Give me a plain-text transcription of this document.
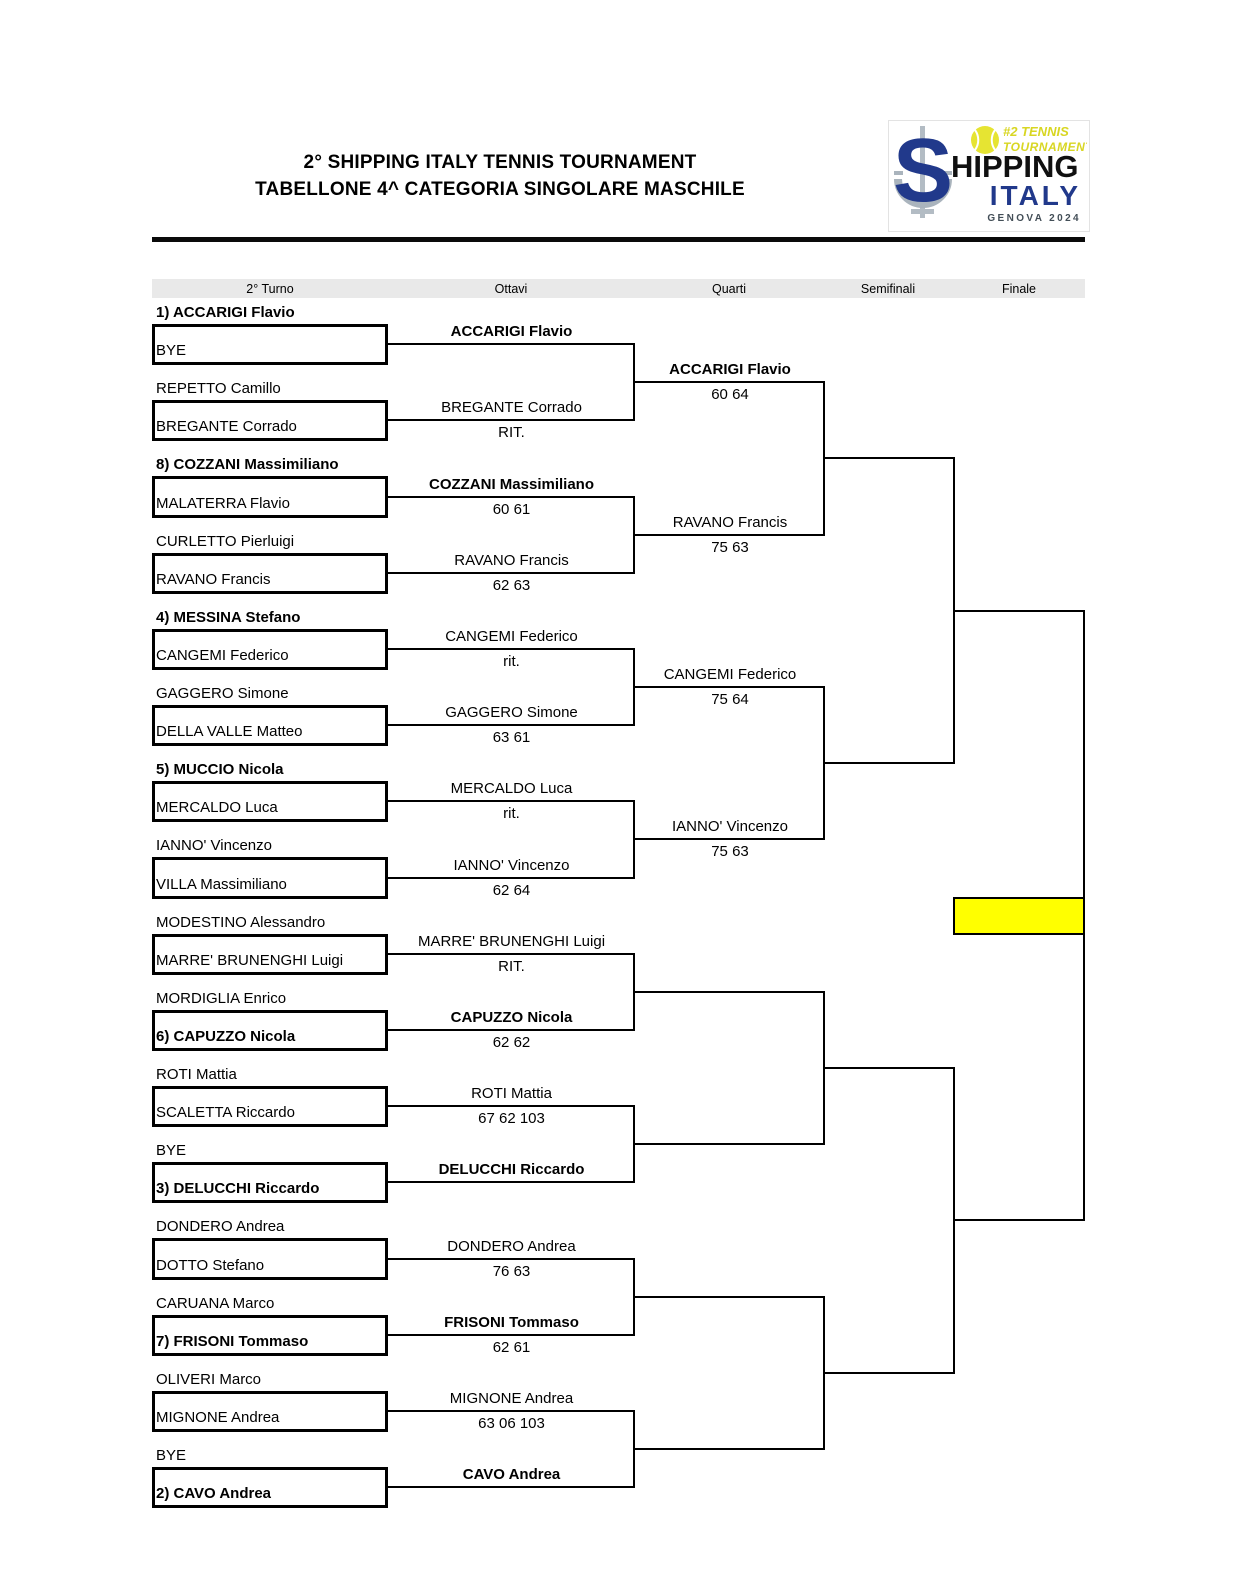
2° SHIPPING ITALY TENNIS TOURNAMENT
TABELLONE 4^ CATEGORIA SINGOLARE MASCHILE	S	#2 TENNIS
TOURNAMENT
HIPPING
ITALY
GENOVA 2024
2° Turno	Ottavi	Quarti	Semifinali	Finale
1) ACCARIGI Flavio
BYE
REPETTO Camillo
BREGANTE Corrado
8) COZZANI Massimiliano
MALATERRA Flavio
CURLETTO Pierluigi
RAVANO Francis
4) MESSINA Stefano
CANGEMI Federico
GAGGERO Simone
DELLA VALLE Matteo
5) MUCCIO Nicola
MERCALDO Luca
IANNO' Vincenzo
VILLA Massimiliano
MODESTINO Alessandro
MARRE' BRUNENGHI Luigi
MORDIGLIA Enrico
6) CAPUZZO Nicola
ROTI Mattia
SCALETTA Riccardo
BYE
3) DELUCCHI Riccardo
DONDERO Andrea
DOTTO Stefano
CARUANA Marco
7) FRISONI Tommaso
OLIVERI Marco
MIGNONE Andrea
BYE
2) CAVO Andrea
ACCARIGI Flavio
BREGANTE Corrado
RIT.
COZZANI Massimiliano
60 61
RAVANO Francis
62 63
CANGEMI Federico
rit.
GAGGERO Simone
63 61
MERCALDO Luca
rit.
IANNO' Vincenzo
62 64
MARRE' BRUNENGHI Luigi
RIT.
CAPUZZO Nicola
62 62
ROTI Mattia
67 62 103
DELUCCHI Riccardo
DONDERO Andrea
76 63
FRISONI Tommaso
62 61
MIGNONE Andrea
63 06 103
CAVO Andrea
ACCARIGI Flavio
60 64
RAVANO Francis
75 63
CANGEMI Federico
75 64
IANNO' Vincenzo
75 63
